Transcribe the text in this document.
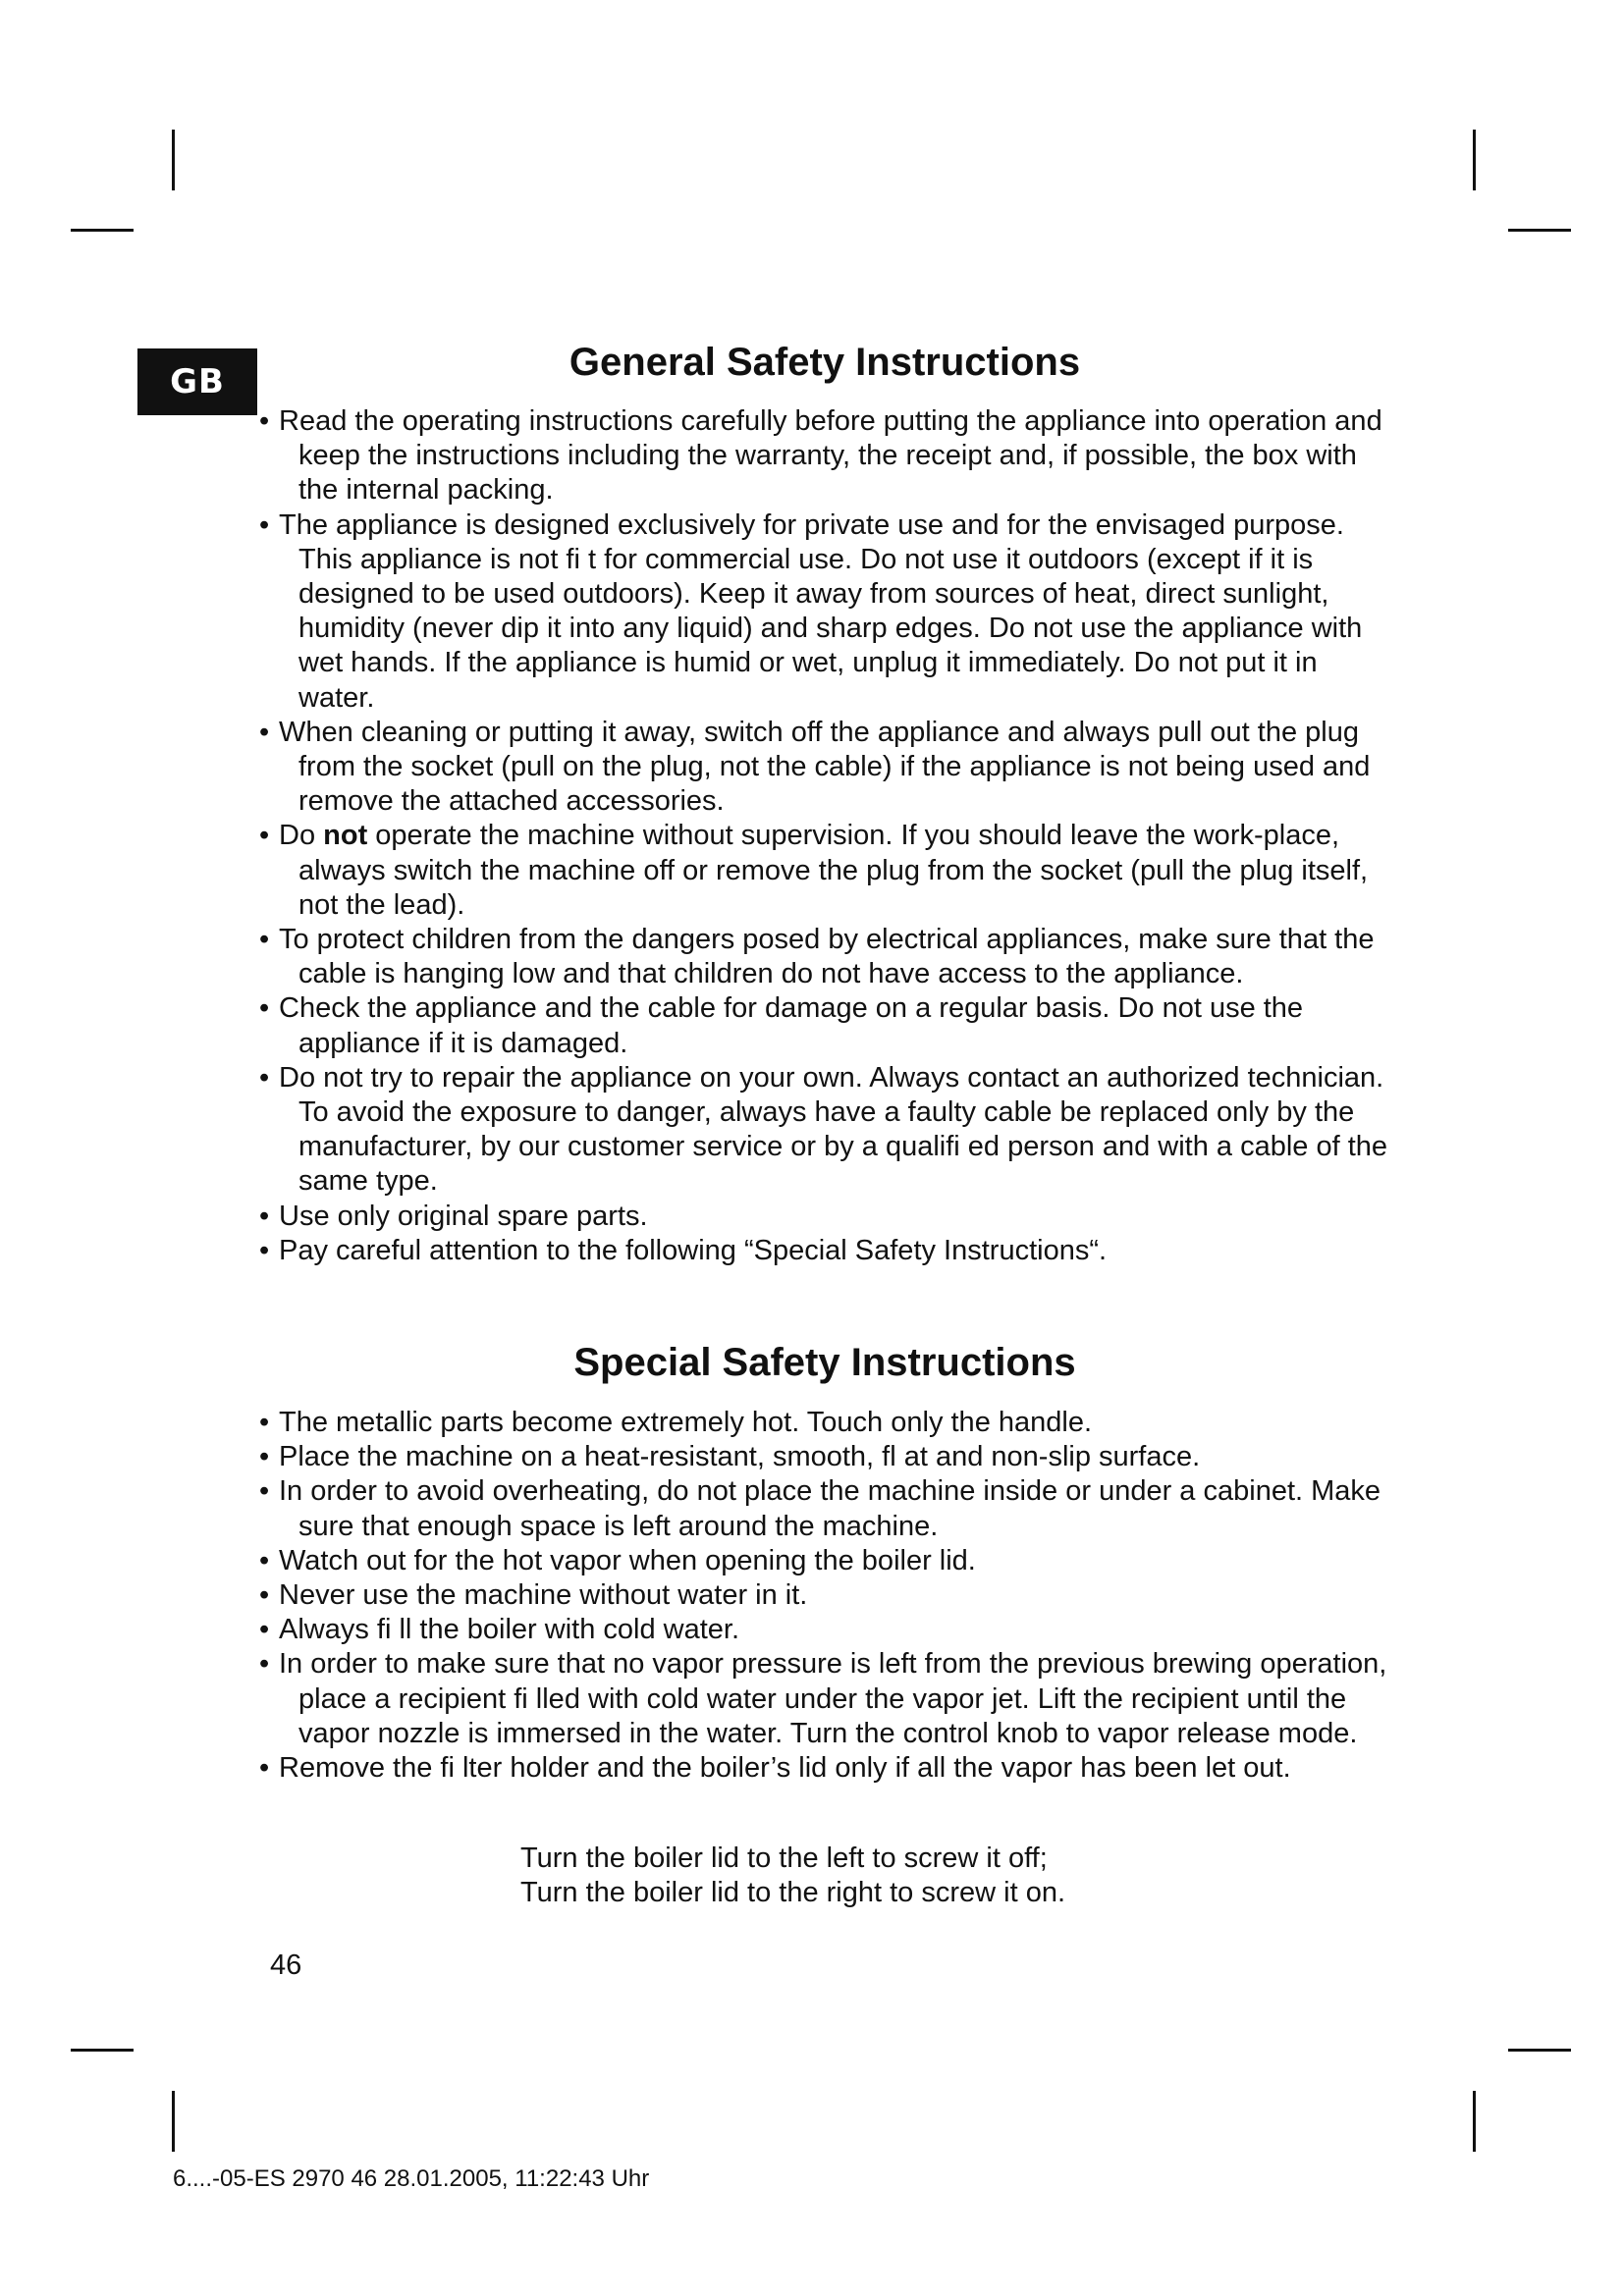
GB	General Safety Instructions
• Read the operating instructions carefully before putting the appliance into operation and keep the instructions including the warranty, the receipt and, if possible, the box with the internal packing.
• The appliance is designed exclusively for private use and for the envisaged purpose. This appliance is not fi t for commercial use. Do not use it outdoors (except if it is designed to be used outdoors). Keep it away from sources of heat, direct sunlight, humidity (never dip it into any liquid) and sharp edges. Do not use the appliance with wet hands. If the appliance is humid or wet, unplug it immediately. Do not put it in water.
• When cleaning or putting it away, switch off the appliance and always pull out the plug from the socket (pull on the plug, not the cable) if the appliance is not being used and remove the attached accessories.
• Do not operate the machine without supervision. If you should leave the work-place, always switch the machine off or remove the plug from the socket (pull the plug itself, not the lead).
• To protect children from the dangers posed by electrical appliances, make sure that the cable is hanging low and that children do not have access to the appliance.
• Check the appliance and the cable for damage on a regular basis. Do not use the appliance if it is damaged.
• Do not try to repair the appliance on your own. Always contact an authorized technician. To avoid the exposure to danger, always have a faulty cable be replaced only by the manufacturer, by our customer service or by a qualifi ed person and with a cable of the same type.
• Use only original spare parts.
• Pay careful attention to the following “Special Safety Instructions“.
Special Safety Instructions
• The metallic parts become extremely hot. Touch only the handle.
• Place the machine on a heat-resistant, smooth, fl at and non-slip surface.
• In order to avoid overheating, do not place the machine inside or under a cabinet. Make sure that enough space is left around the machine.
• Watch out for the hot vapor when opening the boiler lid.
• Never use the machine without water in it.
• Always fi ll the boiler with cold water.
• In order to make sure that no vapor pressure is left from the previous brewing operation, place a recipient fi lled with cold water under the vapor jet. Lift the recipient until the vapor nozzle is immersed in the water. Turn the control knob to vapor release mode.
• Remove the fi lter holder and the boiler’s lid only if all the vapor has been let out.
Turn the boiler lid to the left to screw it off;
Turn the boiler lid to the right to screw it on.
46
6....-05-ES 2970 46 28.01.2005, 11:22:43 Uhr
